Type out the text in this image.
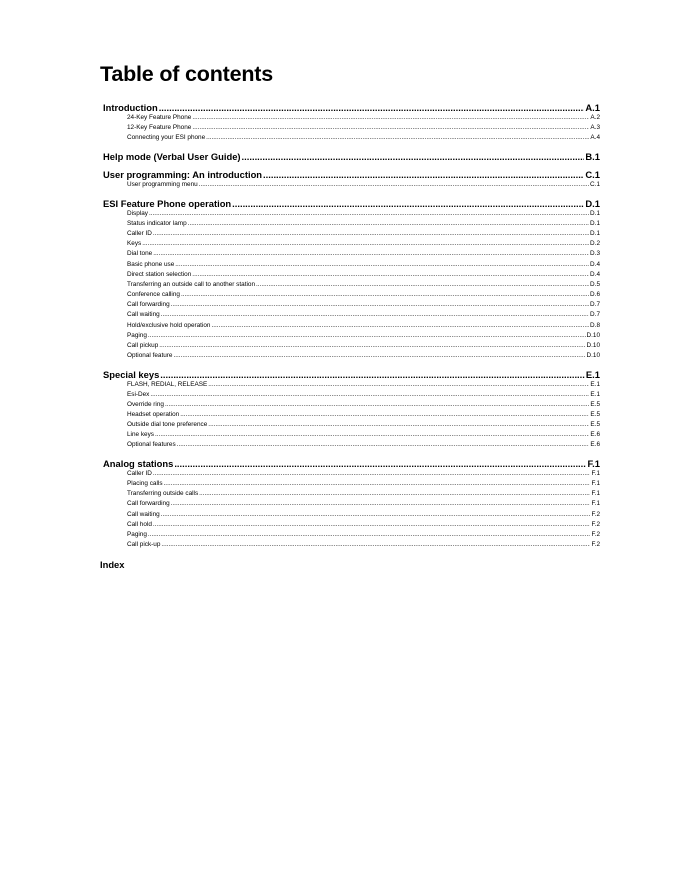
Table of contents
Introduction .....	A.1
24-Key Feature Phone .....	A.2
12-Key Feature Phone .....	A.3
Connecting your ESI phone .....	A.4
Help mode (Verbal User Guide) .....	B.1
User programming: An introduction .....	C.1
User programming menu .....	C.1
ESI Feature Phone operation .....	D.1
Display .....	D.1
Status indicator lamp .....	D.1
Caller ID .....	D.1
Keys .....	D.2
Dial tone .....	D.3
Basic phone use .....	D.4
Direct station selection .....	D.4
Transferring an outside call to another station .....	D.5
Conference calling .....	D.6
Call forwarding .....	D.7
Call waiting .....	D.7
Hold/exclusive hold operation .....	D.8
Paging .....	D.10
Call pickup .....	D.10
Optional feature .....	D.10
Special keys .....	E.1
FLASH, REDIAL, RELEASE .....	E.1
Esi-Dex .....	E.1
Override ring .....	E.5
Headset operation .....	E.5
Outside dial tone preference .....	E.5
Line keys .....	E.6
Optional features .....	E.6
Analog stations .....	F.1
Caller ID .....	F.1
Placing calls .....	F.1
Transferring outside calls .....	F.1
Call forwarding .....	F.1
Call waiting .....	F.2
Call hold .....	F.2
Paging .....	F.2
Call pick-up .....	F.2
Index
